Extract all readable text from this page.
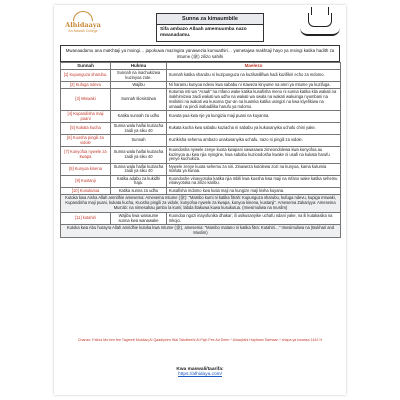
Alhidaaya
An-Nasiah College
Sunna za kimaumbile
Sifa ambazo Allaah amemuumba nazo mwanadamu.
Mwanaadamu ana maKhtaji ya msingi… japokuwa mazingira yanawezia kumuathiri… yametajwa makhtaji hayo ya msingi katika hadith za mtume (ﷺ) zilizo sahihi
Sunnah	Hukmu	Maelezo
[1] Kupunguza sharubu.	Sunnah na inachukizwa kuzinyoa zote.	Sunnah katika sharubu ni kuzipunguza na kuzikatilifiwa hadi kuzifikiri echo za mdomo.
[2] Kufuga ndevu	Wajibu	Ni haramu kunyoa ndevu kwa sababu ni Kaweza kinyume na amri ya mtume ya kuzifuga.
[3] Miswaki	Sunnah Iliosistizwa	Kutumia mti wa "Araak" na mfano wake katika kusafisha meno ni sunna katika kila wakati na inakhimizwa zaidi wakati wa udhu na wakati wa swala na wakati wakuinga nyumbani na msikitini na wakati wa kusoma Qur-an na kuamka katika usingizi na kwa kiyefikiwa na umaadi na pindi inabadilika harufu ya mdomo.
[4] Kupandisha maji puani	Katika sunnah za udhu	Kuvuta pua kwa nje ya kungizia maji puani na kuyanna.
[5] Kukata kucha	Sunna wala haifai kuziacha zaidi ya siku 40	Kukata kucha kwa sababu kuziacha ni sababu ya kukusanyika uchafu chini yake.
[6] Kuosha pingili za vidole	Sunnah	Kuzikisha sehemu ambazo unakusanyika uchafu, nazo ni pingili za vidole.
[7] Kunyofoa nywele za kwapa	Sunna wala haifai kuziacha zaidi ya siku 40	Kuondosha nywele zenye kuota kwapani sawasawa zimeondolewa kwa kunyofoa au kuzinyoa au kwa njia nyingine, kwa sababu kuziondosha kwake ni usafi na kukata harufu yenye kuchukiza.
[8] Kunyoa kinena	Sunna wala haifai kuziacha zaidi ya siku 40	Nywele zenye kuota sehemu za siri. Zinaweza kutolewa zozi na kunyoa, kama kutumia mafuta ya kunaa.
[9] Kustanji	Katika adabu za kukidhi haja.	Kuondoshe vinavyotoka katika njia mbili kwa kuosha kwa maji na mfano wake katika sehemu vinavyotoka na zilizo karibu.
[10] Kusukutua	Katika sunna za udhu	Kusafisha mdomo kwa kutia maji na kungize maji kisha kuyana.
Kutoka kwa Aisha Allah amridhie amesema: Amesema mtume (ﷺ): "Mambo kumi ni katika fitrah: Kupunguza sharubu, kufuga ndevu, kupiga mswaki, Kupandisha maji puani, kukata kucha, Kuosha pingili za vidole, kunyofoa nywele za kwapa, kunyoa kinena, kustanji". Amesema Zakariyya: Amesema Mus'ab: na nimesahau jambo la kumi; labda litakuwa kuwa kusukutua. (Imesimuliwa na muslim)		
[11] kutahiri	Wajibu kwa wanaume sunna kwa wanawake	Kuondoa ngozi inayofunika dhakar; ili usikusanyike uchafu ndani yake, na ili kutakasika na mkojo.
Kutoka kwa Abu hurayra Allah amridhie kutoka kwa mtume (ﷺ), amesema: "Mambo matano ni katika fitra: Kutahiri…" Imesimuliwa na (Bukhari and Muslim)		
Chanzo: Fathul Mu'een fee Tagreeb Mustlaq Al Qaadiyeen Wal Tabdbeehi Al Fiqh Fee Ad Deen * Alnaqhshi Haytham Sarhaan * chapa ya kwanza 1442 H
Kwa maswali/taarifa:
https://alhidaya.com/
